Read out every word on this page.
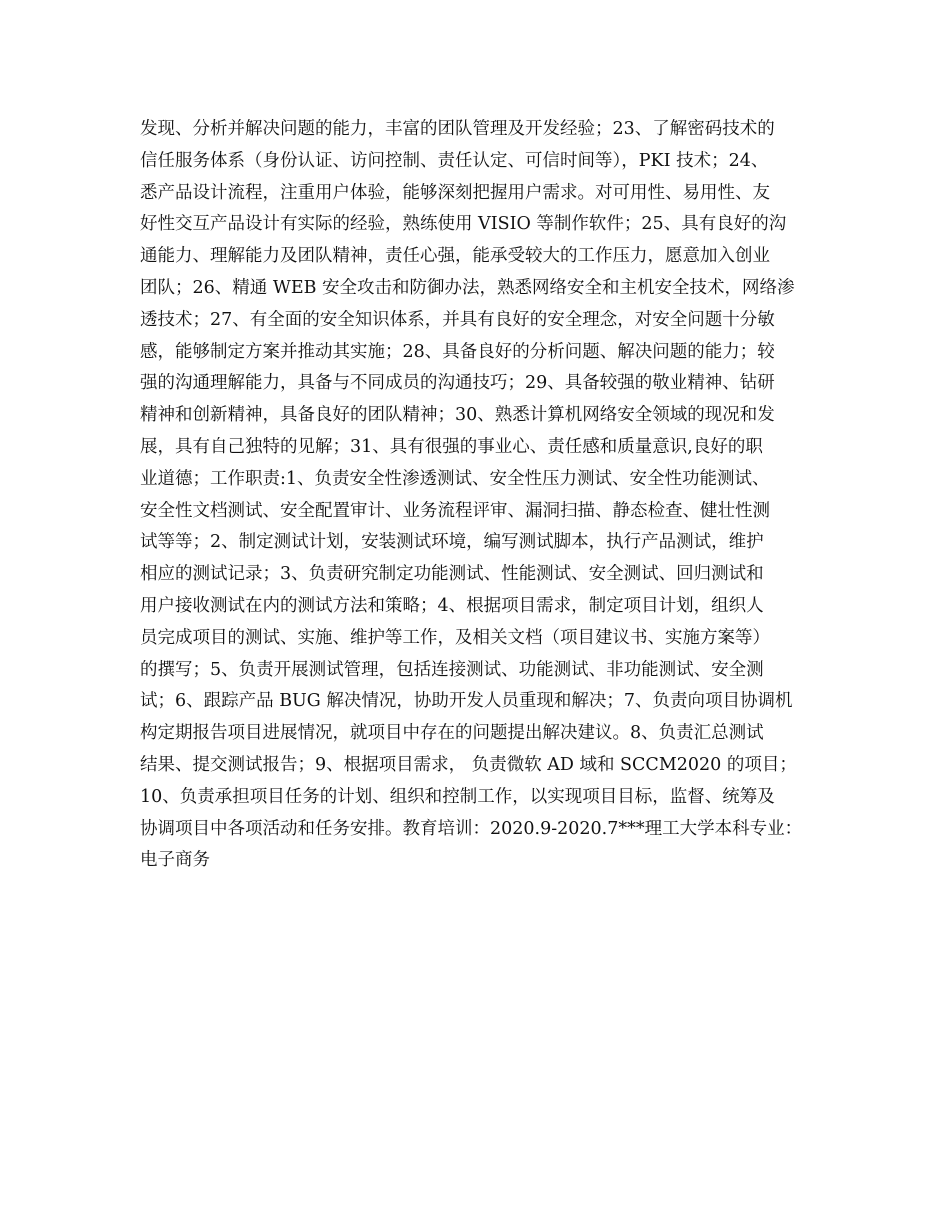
发现、分析并解决问题的能力，丰富的团队管理及开发经验；23、了解密码技术的
信任服务体系（身份认证、访问控制、责任认定、可信时间等），PKI 技术；24、
悉产品设计流程，注重用户体验，能够深刻把握用户需求。对可用性、易用性、友
好性交互产品设计有实际的经验，熟练使用 VISIO 等制作软件；25、具有良好的沟
通能力、理解能力及团队精神，责任心强，能承受较大的工作压力，愿意加入创业
团队；26、精通 WEB 安全攻击和防御办法，熟悉网络安全和主机安全技术，网络渗
透技术；27、有全面的安全知识体系，并具有良好的安全理念，对安全问题十分敏
感，能够制定方案并推动其实施；28、具备良好的分析问题、解决问题的能力；较
强的沟通理解能力，具备与不同成员的沟通技巧；29、具备较强的敬业精神、钻研
精神和创新精神，具备良好的团队精神；30、熟悉计算机网络安全领域的现况和发
展，具有自己独特的见解；31、具有很强的事业心、责任感和质量意识,良好的职
业道德；工作职责:1、负责安全性渗透测试、安全性压力测试、安全性功能测试、
安全性文档测试、安全配置审计、业务流程评审、漏洞扫描、静态检查、健壮性测
试等等；2、制定测试计划，安装测试环境，编写测试脚本，执行产品测试，维护
相应的测试记录；3、负责研究制定功能测试、性能测试、安全测试、回归测试和
用户接收测试在内的测试方法和策略；4、根据项目需求，制定项目计划，组织人
员完成项目的测试、实施、维护等工作，及相关文档（项目建议书、实施方案等）
的撰写；5、负责开展测试管理，包括连接测试、功能测试、非功能测试、安全测
试；6、跟踪产品 BUG 解决情况，协助开发人员重现和解决；7、负责向项目协调机
构定期报告项目进展情况，就项目中存在的问题提出解决建议。8、负责汇总测试
结果、提交测试报告；9、根据项目需求， 负责微软 AD 域和 SCCM2020 的项目；
10、负责承担项目任务的计划、组织和控制工作，以实现项目目标，监督、统筹及
协调项目中各项活动和任务安排。教育培训：2020.9-2020.7***理工大学本科专业：
电子商务
